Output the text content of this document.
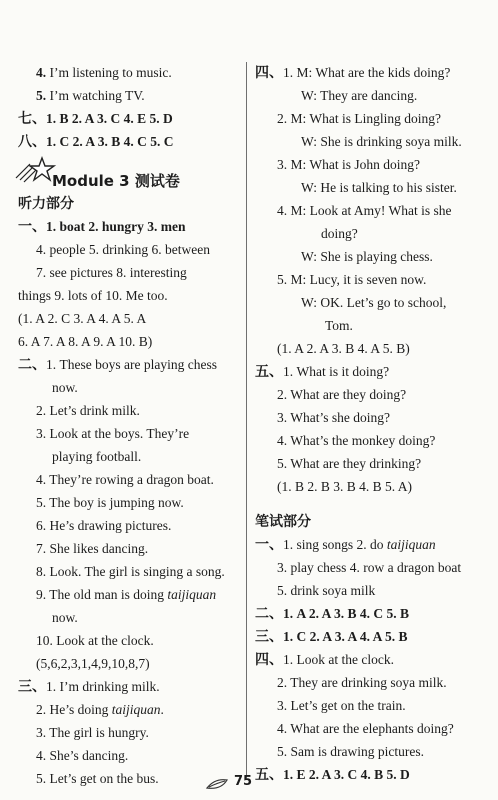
4. I’m listening to music.
5. I’m watching TV.
七、1. B 2. A 3. C 4. E 5. D
八、1. C 2. A 3. B 4. C 5. C
Module 3 测试卷
听力部分
一、1. boat 2. hungry 3. men
4. people 5. drinking 6. between
7. see pictures 8. interesting
things 9. lots of 10. Me too.
(1. A 2. C 3. A 4. A 5. A
6. A 7. A 8. A 9. A 10. B)
二、1. These boys are playing chess
now.
2. Let’s drink milk.
3. Look at the boys. They’re
playing football.
4. They’re rowing a dragon boat.
5. The boy is jumping now.
6. He’s drawing pictures.
7. She likes dancing.
8. Look. The girl is singing a song.
9. The old man is doing taijiquan
now.
10. Look at the clock.
(5,6,2,3,1,4,9,10,8,7)
三、1. I’m drinking milk.
2. He’s doing taijiquan.
3. The girl is hungry.
4. She’s dancing.
5. Let’s get on the bus.
四、1. M: What are the kids doing?
W: They are dancing.
2. M: What is Lingling doing?
W: She is drinking soya milk.
3. M: What is John doing?
W: He is talking to his sister.
4. M: Look at Amy! What is she
doing?
W: She is playing chess.
5. M: Lucy, it is seven now.
W: OK. Let’s go to school,
Tom.
(1. A 2. A 3. B 4. A 5. B)
五、1. What is it doing?
2. What are they doing?
3. What’s she doing?
4. What’s the monkey doing?
5. What are they drinking?
(1. B 2. B 3. B 4. B 5. A)
笔试部分
一、1. sing songs 2. do taijiquan
3. play chess 4. row a dragon boat
5. drink soya milk
二、1. A 2. A 3. B 4. C 5. B
三、1. C 2. A 3. A 4. A 5. B
四、1. Look at the clock.
2. They are drinking soya milk.
3. Let’s get on the train.
4. What are the elephants doing?
5. Sam is drawing pictures.
五、1. E 2. A 3. C 4. B 5. D
75
